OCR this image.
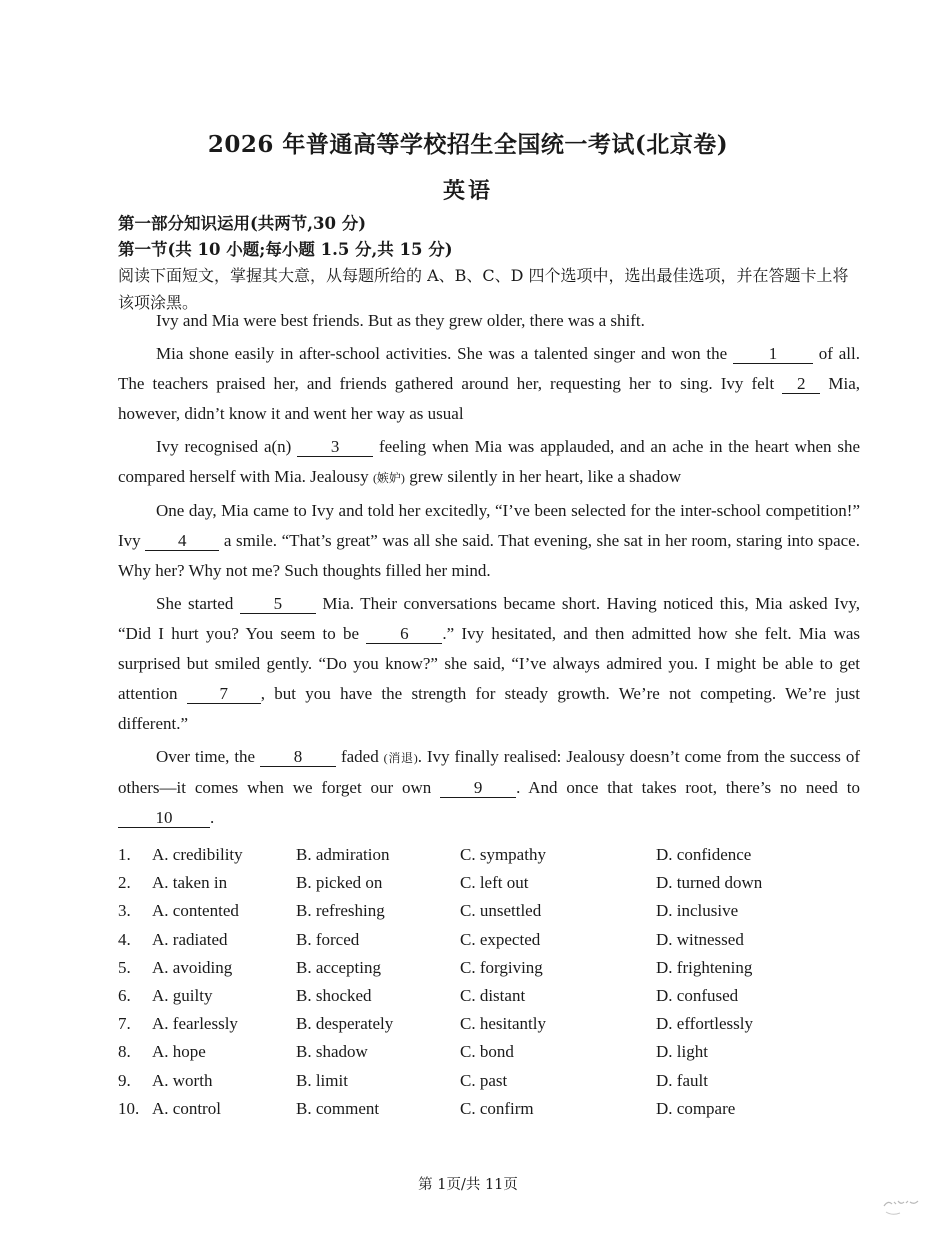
2026 年普通高等学校招生全国统一考试(北京卷)
英语
第一部分知识运用(共两节,30 分)
第一节(共 10 小题;每小题 1.5 分,共 15 分)
阅读下面短文，掌握其大意，从每题所给的 A、B、C、D 四个选项中，选出最佳选项，并在答题卡上将该项涂黑。

Ivy and Mia were best friends. But as they grew older, there was a shift.

Mia shone easily in after-school activities. She was a talented singer and won the 1 of all. The teachers praised her, and friends gathered around her, requesting her to sing. Ivy felt 2 Mia, however, didn’t know it and went her way as usual

Ivy recognised a(n) 3 feeling when Mia was applauded, and an ache in the heart when she compared herself with Mia. Jealousy (嫉妒) grew silently in her heart, like a shadow

One day, Mia came to Ivy and told her excitedly, “I’ve been selected for the inter-school competition!” Ivy 4 a smile. “That’s great” was all she said. That evening, she sat in her room, staring into space. Why her? Why not me? Such thoughts filled her mind.

She started 5 Mia. Their conversations became short. Having noticed this, Mia asked Ivy, “Did I hurt you? You seem to be 6 .” Ivy hesitated, and then admitted how she felt. Mia was surprised but smiled gently. “Do you know?” she said, “I’ve always admired you. I might be able to get attention 7 , but you have the strength for steady growth. We’re not competing. We’re just different.”

Over time, the 8 faded (消退). Ivy finally realised: Jealousy doesn’t come from the success of others—it comes when we forget our own 9 . And once that takes root, there’s no need to 10 .

1. A. credibility	B. admiration	C. sympathy	D. confidence
2. A. taken in	B. picked on	C. left out	D. turned down
3. A. contented	B. refreshing	C. unsettled	D. inclusive
4. A. radiated	B. forced	C. expected	D. witnessed
5. A. avoiding	B. accepting	C. forgiving	D. frightening
6. A. guilty	B. shocked	C. distant	D. confused
7. A. fearlessly	B. desperately	C. hesitantly	D. effortlessly
8. A. hope	B. shadow	C. bond	D. light
9. A. worth	B. limit	C. past	D. fault
10. A. control	B. comment	C. confirm	D. compare
第 1页/共 11页
